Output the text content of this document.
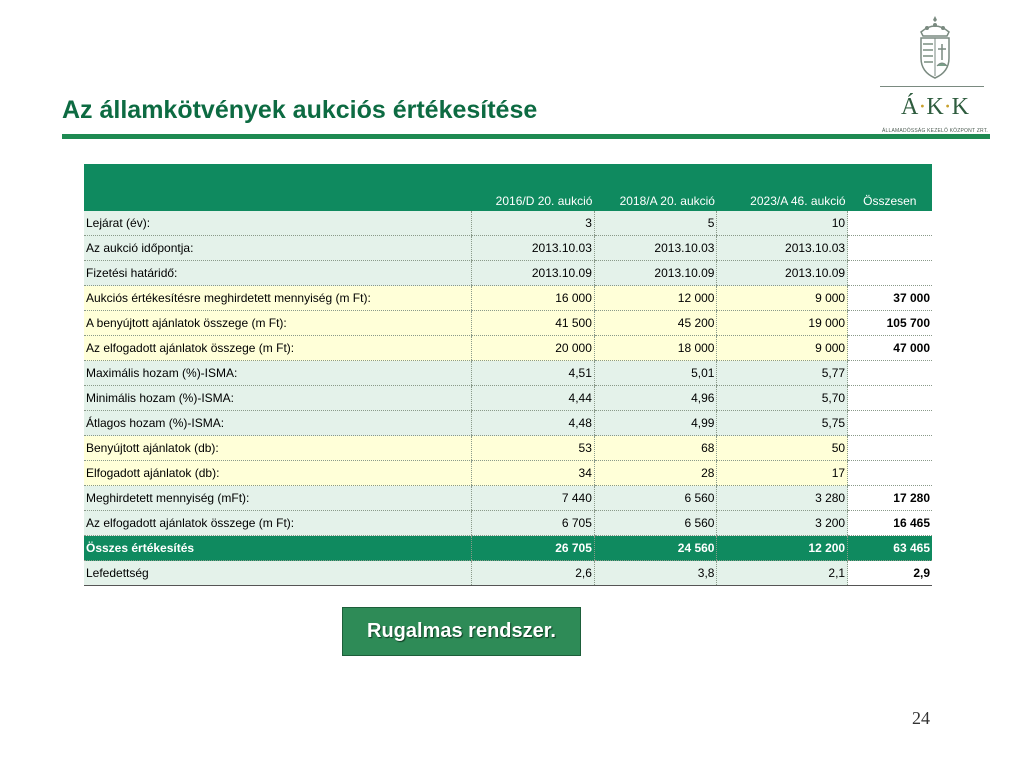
Az államkötvények aukciós értékesítése	Á·K·K
ÁLLAMADÓSSÁG KEZELŐ KÖZPONT ZRT.
	2016/D 20. aukció	2018/A 20. aukció	2023/A 46. aukció	Összesen
Lejárat (év):	3	5	10	
Az aukció időpontja:	2013.10.03	2013.10.03	2013.10.03	
Fizetési határidő:	2013.10.09	2013.10.09	2013.10.09	
Aukciós értékesítésre meghirdetett mennyiség (m Ft):	16 000	12 000	9 000	37 000
A benyújtott ajánlatok összege (m Ft):	41 500	45 200	19 000	105 700
Az elfogadott ajánlatok összege (m Ft):	20 000	18 000	9 000	47 000
Maximális hozam (%)-ISMA:	4,51	5,01	5,77	
Minimális hozam (%)-ISMA:	4,44	4,96	5,70	
Átlagos hozam (%)-ISMA:	4,48	4,99	5,75	
Benyújtott ajánlatok (db):	53	68	50	
Elfogadott ajánlatok (db):	34	28	17	
Meghirdetett mennyiség (mFt):	7 440	6 560	3 280	17 280
Az elfogadott ajánlatok összege (m Ft):	6 705	6 560	3 200	16 465
Összes értékesítés	26 705	24 560	12 200	63 465
Lefedettség	2,6	3,8	2,1	2,9
Rugalmas rendszer.
24
